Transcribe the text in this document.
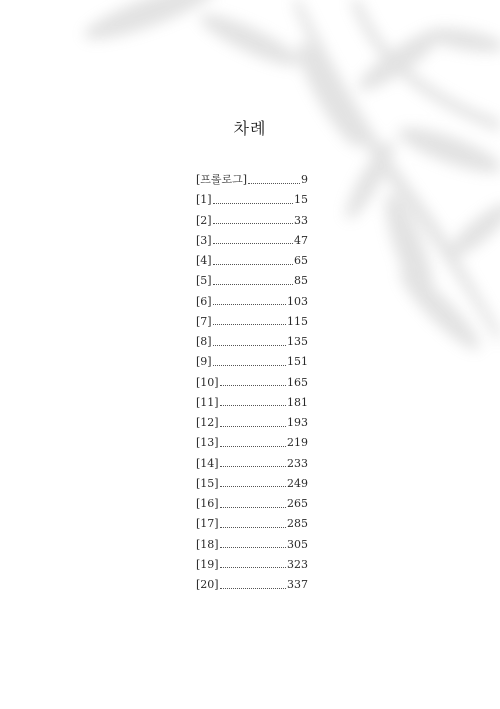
차례
[프롤로그]	9
[1]	15
[2]	33
[3]	47
[4]	65
[5]	85
[6]	103
[7]	115
[8]	135
[9]	151
[10]	165
[11]	181
[12]	193
[13]	219
[14]	233
[15]	249
[16]	265
[17]	285
[18]	305
[19]	323
[20]	337
